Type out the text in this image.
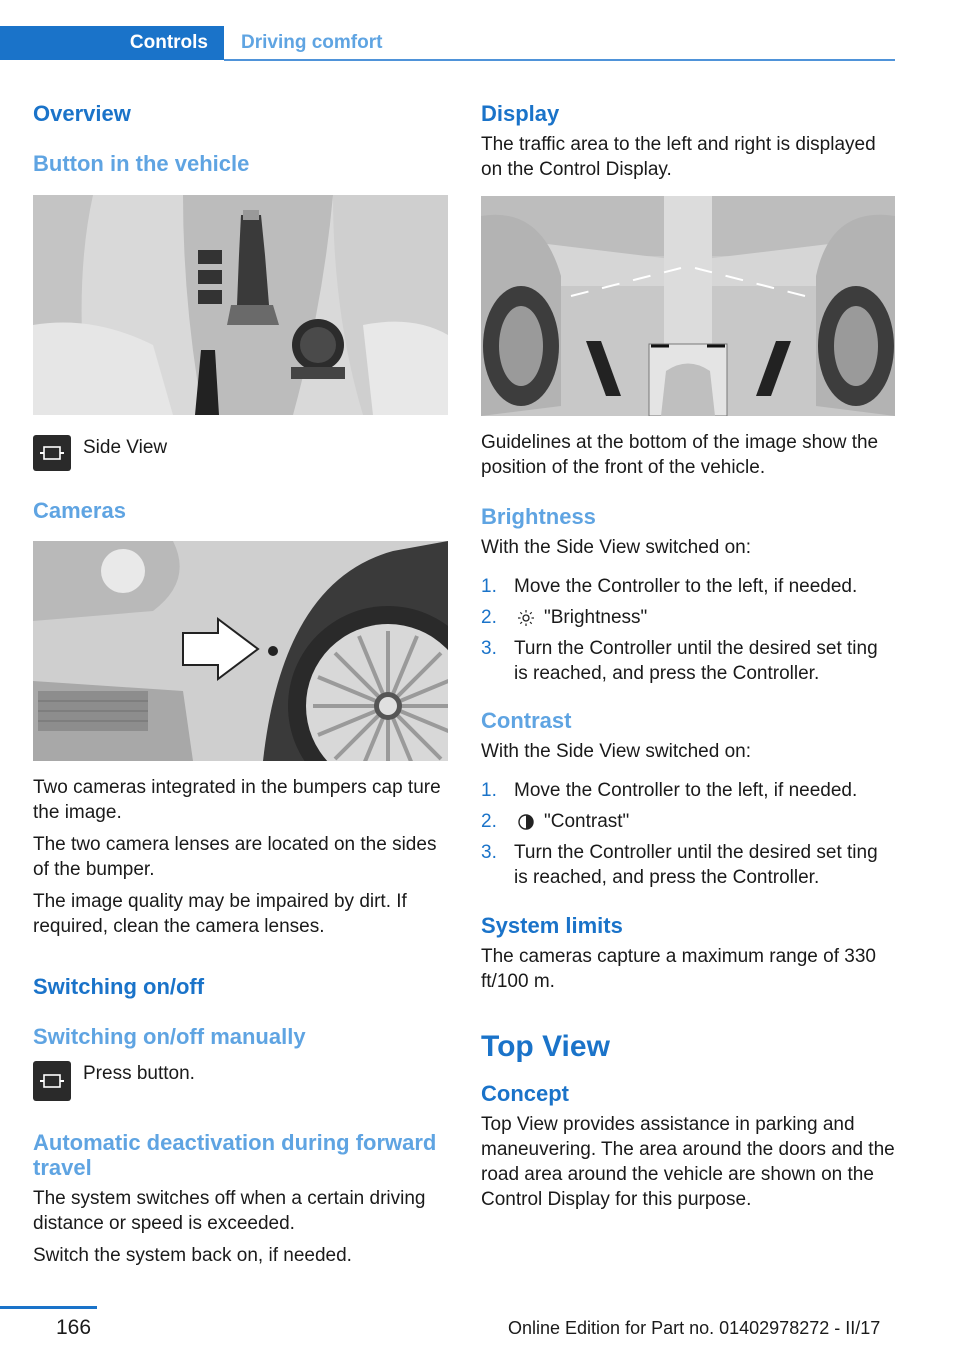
Controls	Driving comfort
Overview
Button in the vehicle
Side View
Cameras

Two cameras integrated in the bumpers cap ture the image.

The two camera lenses are located on the sides of the bumper.

The image quality may be impaired by dirt. If required, clean the camera lenses.

Switching on/off
Switching on/off manually
Press button.
Automatic deactivation during forward travel

The system switches off when a certain driving distance or speed is exceeded.

Switch the system back on, if needed.

Display

The traffic area to the left and right is displayed on the Control Display.

Guidelines at the bottom of the image show the position of the front of the vehicle.

Brightness

With the Side View switched on:

1. Move the Controller to the left, if needed.
2. "Brightness"
3. Turn the Controller until the desired set ting is reached, and press the Controller.
Contrast

With the Side View switched on:

1. Move the Controller to the left, if needed.
2. "Contrast"
3. Turn the Controller until the desired set ting is reached, and press the Controller.
System limits

The cameras capture a maximum range of 330 ft/100 m.

Top View
Concept

Top View provides assistance in parking and maneuvering. The area around the doors and the road area around the vehicle are shown on the Control Display for this purpose.

166	Online Edition for Part no. 01402978272 - II/17
